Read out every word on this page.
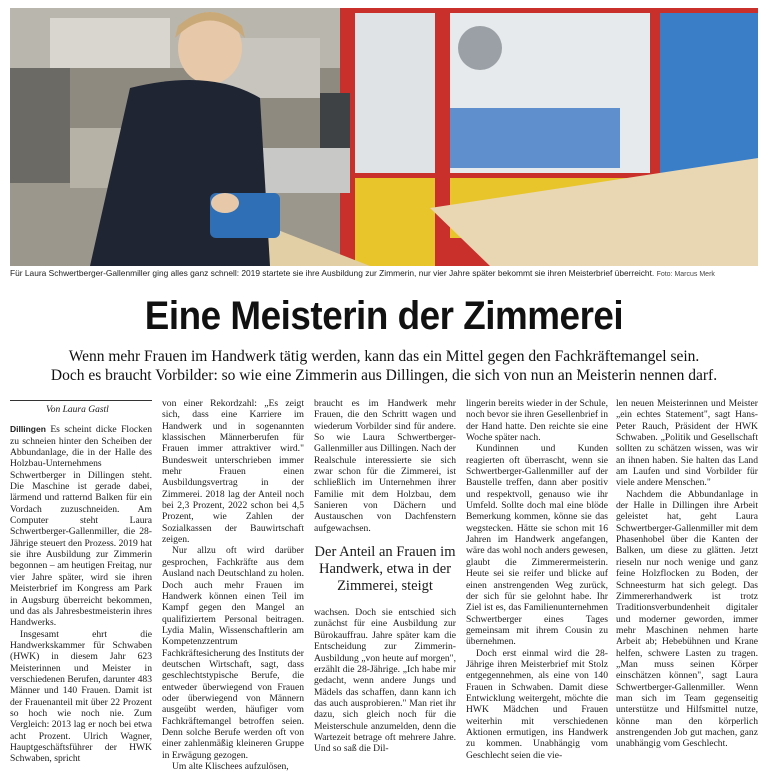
Für Laura Schwertberger-Gallenmiller ging alles ganz schnell: 2019 startete sie ihre Ausbildung zur Zimmerin, nur vier Jahre später bekommt sie ihren Meisterbrief überreicht. Foto: Marcus Merk
Eine Meisterin der Zimmerei
Wenn mehr Frauen im Handwerk tätig werden, kann das ein Mittel gegen den Fachkräftemangel sein.
Doch es braucht Vorbilder: so wie eine Zimmerin aus Dillingen, die sich von nun an Meisterin nennen darf.
Von Laura Gastl

Dillingen Es scheint dicke Flocken zu schneien hinter den Scheiben der Abbundanlage, die in der Halle des Holzbau-Unternehmens Schwertberger in Dillingen steht. Die Maschine ist gerade dabei, lärmend und ratternd Balken für ein Vordach zuzuschneiden. Am Computer steht Laura Schwertberger-Gallenmiller, die 28-Jährige steuert den Prozess. 2019 hat sie ihre Ausbildung zur Zimmerin begonnen – am heutigen Freitag, nur vier Jahre später, wird sie ihren Meisterbrief im Kongress am Park in Augsburg überreicht bekommen, und das als Jahresbestmeisterin ihres Handwerks.

Insgesamt ehrt die Handwerkskammer für Schwaben (HWK) in diesem Jahr 623 Meisterinnen und Meister in verschiedenen Berufen, darunter 483 Männer und 140 Frauen. Damit ist der Frauenanteil mit über 22 Prozent so hoch wie noch nie. Zum Vergleich: 2013 lag er noch bei etwa acht Prozent. Ulrich Wagner, Hauptgeschäftsführer der HWK Schwaben, spricht

von einer Rekordzahl: „Es zeigt sich, dass eine Karriere im Handwerk und in sogenannten klassischen Männerberufen für Frauen immer attraktiver wird." Bundesweit unterschrieben immer mehr Frauen einen Ausbildungsvertrag in der Zimmerei. 2018 lag der Anteil noch bei 2,3 Prozent, 2022 schon bei 4,5 Prozent, wie Zahlen der Sozialkassen der Bauwirtschaft zeigen.

Nur allzu oft wird darüber gesprochen, Fachkräfte aus dem Ausland nach Deutschland zu holen. Doch auch mehr Frauen im Handwerk können einen Teil im Kampf gegen den Mangel an qualifiziertem Personal beitragen. Lydia Malin, Wissenschaftlerin am Kompetenzzentrum Fachkräftesicherung des Instituts der deutschen Wirtschaft, sagt, dass geschlechtstypische Berufe, die entweder überwiegend von Frauen oder überwiegend von Männern ausgeübt werden, häufiger vom Fachkräftemangel betroffen seien. Denn solche Berufe werden oft von einer zahlenmäßig kleineren Gruppe in Erwägung gezogen.

Um alte Klischees aufzulösen,

braucht es im Handwerk mehr Frauen, die den Schritt wagen und wiederum Vorbilder sind für andere. So wie Laura Schwertberger-Gallenmiller aus Dillingen. Nach der Realschule interessierte sie sich zwar schon für die Zimmerei, ist schließlich im Unternehmen ihrer Familie mit dem Holzbau, dem Sanieren von Dächern und Austauschen von Dachfenstern aufgewachsen.

Der Anteil an Frauen im Handwerk, etwa in der Zimmerei, steigt

wachsen. Doch sie entschied sich zunächst für eine Ausbildung zur Bürokauffrau. Jahre später kam die Entscheidung zur Zimmerin-Ausbildung „von heute auf morgen", erzählt die 28-Jährige. „Ich habe mir gedacht, wenn andere Jungs und Mädels das schaffen, dann kann ich das auch ausprobieren." Man riet ihr dazu, sich gleich noch für die Meisterschule anzumelden, denn die Wartezeit betrage oft mehrere Jahre. Und so saß die Dil-

lingerin bereits wieder in der Schule, noch bevor sie ihren Gesellenbrief in der Hand hatte. Den reichte sie eine Woche später nach.

Kundinnen und Kunden reagierten oft überrascht, wenn sie Schwertberger-Gallenmiller auf der Baustelle treffen, dann aber positiv und respektvoll, genauso wie ihr Umfeld. Sollte doch mal eine blöde Bemerkung kommen, könne sie das wegstecken. Hätte sie schon mit 16 Jahren im Handwerk angefangen, wäre das wohl noch anders gewesen, glaubt die Zimmerermeisterin. Heute sei sie reifer und blicke auf einen anstrengenden Weg zurück, der sich für sie gelohnt habe. Ihr Ziel ist es, das Familienunternehmen Schwertberger eines Tages gemeinsam mit ihrem Cousin zu übernehmen.

Doch erst einmal wird die 28-Jährige ihren Meisterbrief mit Stolz entgegennehmen, als eine von 140 Frauen in Schwaben. Damit diese Entwicklung weitergeht, möchte die HWK Mädchen und Frauen weiterhin mit verschiedenen Aktionen ermutigen, ins Handwerk zu kommen. Unabhängig vom Geschlecht seien die vie-

len neuen Meisterinnen und Meister „ein echtes Statement", sagt Hans-Peter Rauch, Präsident der HWK Schwaben. „Politik und Gesellschaft sollten zu schätzen wissen, was wir an ihnen haben. Sie halten das Land am Laufen und sind Vorbilder für viele andere Menschen."

Nachdem die Abbundanlage in der Halle in Dillingen ihre Arbeit geleistet hat, geht Laura Schwertberger-Gallenmiller mit dem Phasenhobel über die Kanten der Balken, um diese zu glätten. Jetzt rieseln nur noch wenige und ganz feine Holzflocken zu Boden, der Schneesturm hat sich gelegt. Das Zimmererhandwerk ist trotz Traditionsverbundenheit digitaler und moderner geworden, immer mehr Maschinen nehmen harte Arbeit ab; Hebebühnen und Krane helfen, schwere Lasten zu tragen. „Man muss seinen Körper einschätzen können", sagt Laura Schwertberger-Gallenmiller. Wenn man sich im Team gegenseitig unterstütze und Hilfsmittel nutze, könne man den körperlich anstrengenden Job gut machen, ganz unabhängig vom Geschlecht.
